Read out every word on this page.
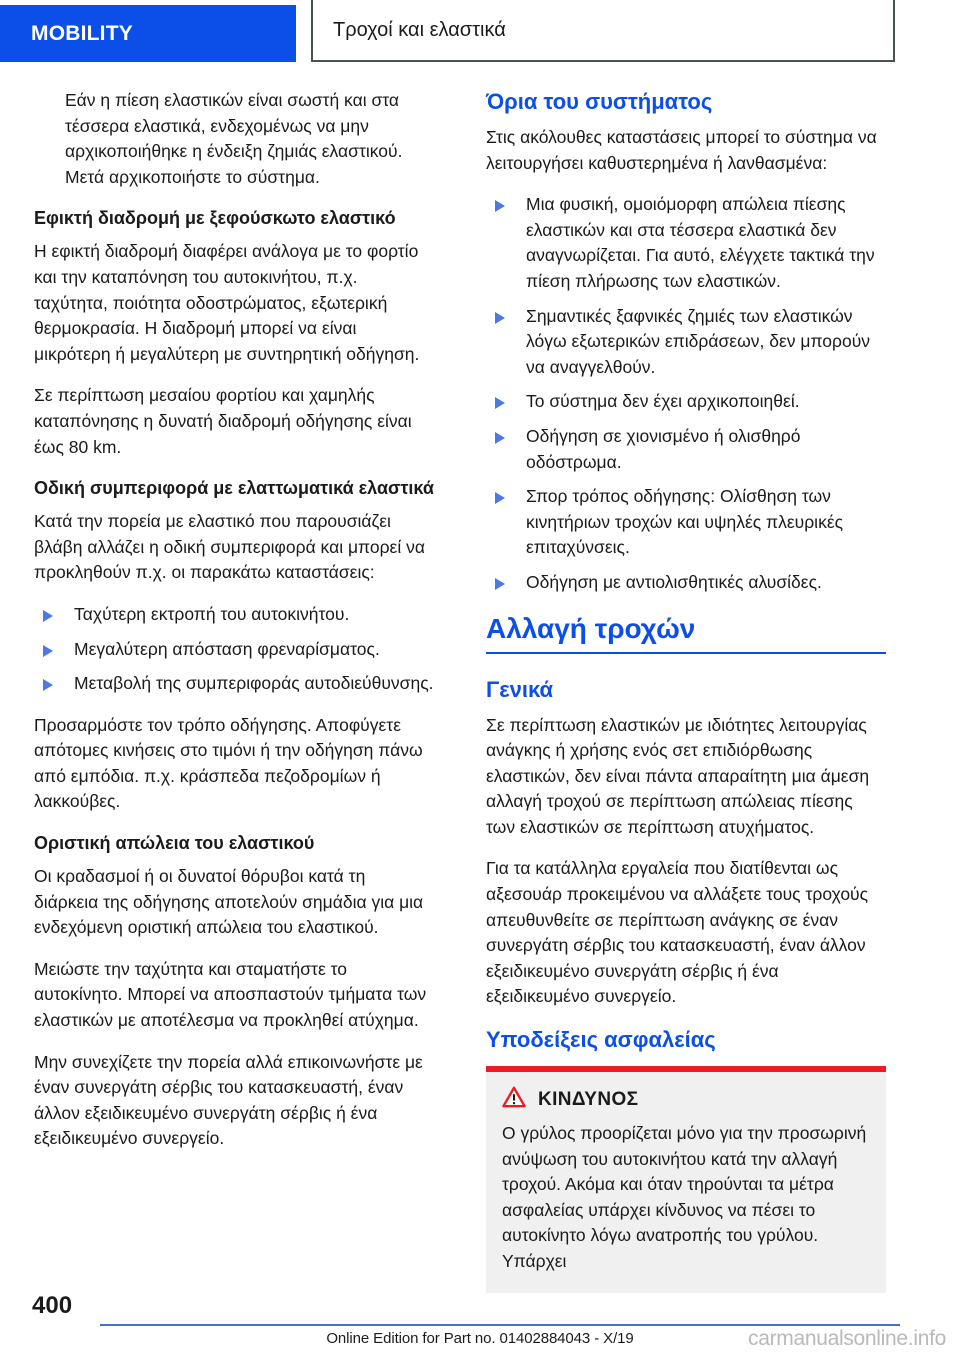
MOBILITY	Τροχοί και ελαστικά

Εάν η πίεση ελαστικών είναι σωστή και στα τέσσερα ελαστικά, ενδεχομένως να μην αρχικοποιήθηκε η ένδειξη ζημιάς ελαστικού. Μετά αρχικοποιήστε το σύστημα.

Εφικτή διαδρομή με ξεφούσκωτο ελαστικό

Η εφικτή διαδρομή διαφέρει ανάλογα με το φορτίο και την καταπόνηση του αυτοκινήτου, π.χ. ταχύτητα, ποιότητα οδοστρώματος, εξωτερική θερμοκρασία. Η διαδρομή μπορεί να είναι μικρότερη ή μεγαλύτερη με συντηρητική οδήγηση.

Σε περίπτωση μεσαίου φορτίου και χαμηλής καταπόνησης η δυνατή διαδρομή οδήγησης είναι έως 80 km.

Οδική συμπεριφορά με ελαττωματικά ελαστικά

Κατά την πορεία με ελαστικό που παρουσιάζει βλάβη αλλάζει η οδική συμπεριφορά και μπορεί να προκληθούν π.χ. οι παρακάτω καταστάσεις:

Ταχύτερη εκτροπή του αυτοκινήτου.
Μεγαλύτερη απόσταση φρεναρίσματος.
Μεταβολή της συμπεριφοράς αυτοδιεύθυνσης.

Προσαρμόστε τον τρόπο οδήγησης. Αποφύγετε απότομες κινήσεις στο τιμόνι ή την οδήγηση πάνω από εμπόδια. π.χ. κράσπεδα πεζοδρομίων ή λακκούβες.

Οριστική απώλεια του ελαστικού

Οι κραδασμοί ή οι δυνατοί θόρυβοι κατά τη διάρκεια της οδήγησης αποτελούν σημάδια για μια ενδεχόμενη οριστική απώλεια του ελαστικού.

Μειώστε την ταχύτητα και σταματήστε το αυτοκίνητο. Μπορεί να αποσπαστούν τμήματα των ελαστικών με αποτέλεσμα να προκληθεί ατύχημα.

Μην συνεχίζετε την πορεία αλλά επικοινωνήστε με έναν συνεργάτη σέρβις του κατασκευαστή, έναν άλλον εξειδικευμένο συνεργάτη σέρβις ή ένα εξειδικευμένο συνεργείο.

Όρια του συστήματος

Στις ακόλουθες καταστάσεις μπορεί το σύστημα να λειτουργήσει καθυστερημένα ή λανθασμένα:

Μια φυσική, ομοιόμορφη απώλεια πίεσης ελαστικών και στα τέσσερα ελαστικά δεν αναγνωρίζεται. Για αυτό, ελέγχετε τακτικά την πίεση πλήρωσης των ελαστικών.
Σημαντικές ξαφνικές ζημιές των ελαστικών λόγω εξωτερικών επιδράσεων, δεν μπορούν να αναγγελθούν.
Το σύστημα δεν έχει αρχικοποιηθεί.
Οδήγηση σε χιονισμένο ή ολισθηρό οδόστρωμα.
Σπορ τρόπος οδήγησης: Ολίσθηση των κινητήριων τροχών και υψηλές πλευρικές επιταχύνσεις.
Οδήγηση με αντιολισθητικές αλυσίδες.
Αλλαγή τροχών
Γενικά

Σε περίπτωση ελαστικών με ιδιότητες λειτουργίας ανάγκης ή χρήσης ενός σετ επιδιόρθωσης ελαστικών, δεν είναι πάντα απαραίτητη μια άμεση αλλαγή τροχού σε περίπτωση απώλειας πίεσης των ελαστικών σε περίπτωση ατυχήματος.

Για τα κατάλληλα εργαλεία που διατίθενται ως αξεσουάρ προκειμένου να αλλάξετε τους τροχούς απευθυνθείτε σε περίπτωση ανάγκης σε έναν συνεργάτη σέρβις του κατασκευαστή, έναν άλλον εξειδικευμένο συνεργάτη σέρβις ή ένα εξειδικευμένο συνεργείο.

Υποδείξεις ασφαλείας
ΚΙΝΔΥΝΟΣ

Ο γρύλος προορίζεται μόνο για την προσωρινή ανύψωση του αυτοκινήτου κατά την αλλαγή τροχού. Ακόμα και όταν τηρούνται τα μέτρα ασφαλείας υπάρχει κίνδυνος να πέσει το αυτοκίνητο λόγω ανατροπής του γρύλου. Υπάρχει

400
Online Edition for Part no. 01402884043 - X/19	carmanualsonline.info
